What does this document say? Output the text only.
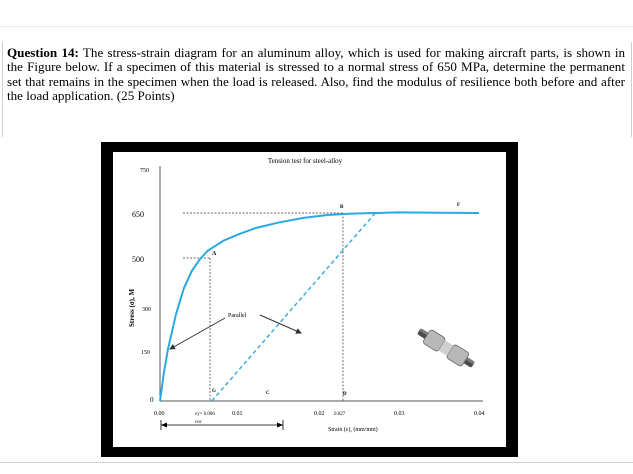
Question 14: The stress-strain diagram for an aluminum alloy, which is used for making aircraft parts, is shown in the Figure below. If a specimen of this material is stressed to a normal stress of 650 MPa, determine the permanent set that remains in the specimen when the load is released. Also, find the modulus of resilience both before and after the load application. (25 Points)
Tension test for steel-alloy
750
650
500
300
150
0
Stress (σ), M
0.00	εy= 0.006	0.01	0.02 0.027	0.03	0.04
Strain (ε), (mm/mm)
εoc
A
B	F
C
G
D
Parallel
